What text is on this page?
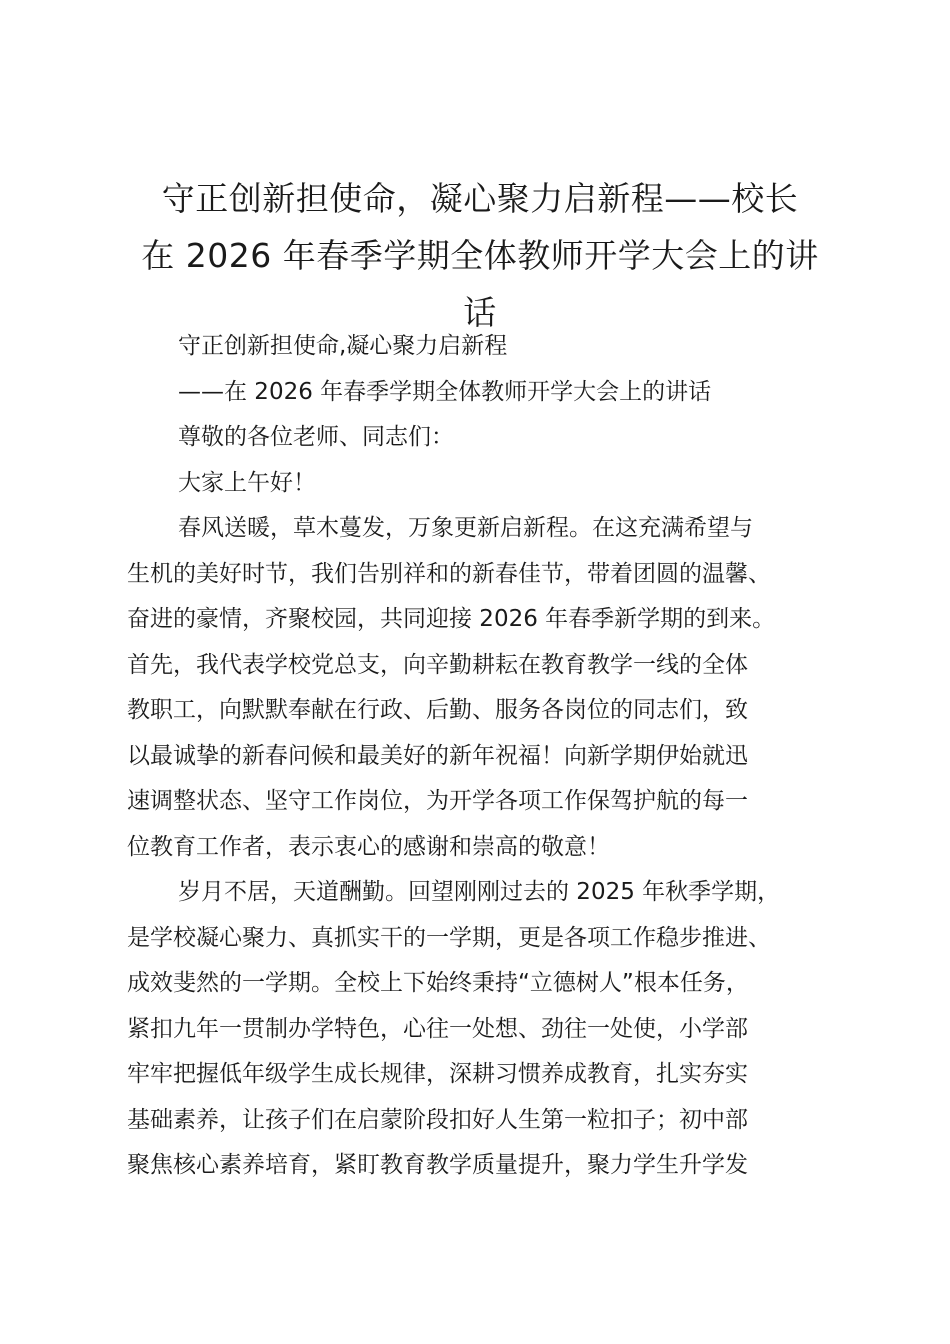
守正创新担使命，凝心聚力启新程——校长
在 2026 年春季学期全体教师开学大会上的讲
话
守正创新担使命,凝心聚力启新程
——在 2026 年春季学期全体教师开学大会上的讲话
尊敬的各位老师、同志们：
大家上午好！
春风送暖，草木蔓发，万象更新启新程。在这充满希望与
生机的美好时节，我们告别祥和的新春佳节，带着团圆的温馨、
奋进的豪情，齐聚校园，共同迎接 2026 年春季新学期的到来。
首先，我代表学校党总支，向辛勤耕耘在教育教学一线的全体
教职工，向默默奉献在行政、后勤、服务各岗位的同志们，致
以最诚挚的新春问候和最美好的新年祝福！向新学期伊始就迅
速调整状态、坚守工作岗位，为开学各项工作保驾护航的每一
位教育工作者，表示衷心的感谢和崇高的敬意！
岁月不居，天道酬勤。回望刚刚过去的 2025 年秋季学期，
是学校凝心聚力、真抓实干的一学期，更是各项工作稳步推进、
成效斐然的一学期。全校上下始终秉持“立德树人”根本任务，
紧扣九年一贯制办学特色，心往一处想、劲往一处使，小学部
牢牢把握低年级学生成长规律，深耕习惯养成教育，扎实夯实
基础素养，让孩子们在启蒙阶段扣好人生第一粒扣子；初中部
聚焦核心素养培育，紧盯教育教学质量提升，聚力学生升学发
